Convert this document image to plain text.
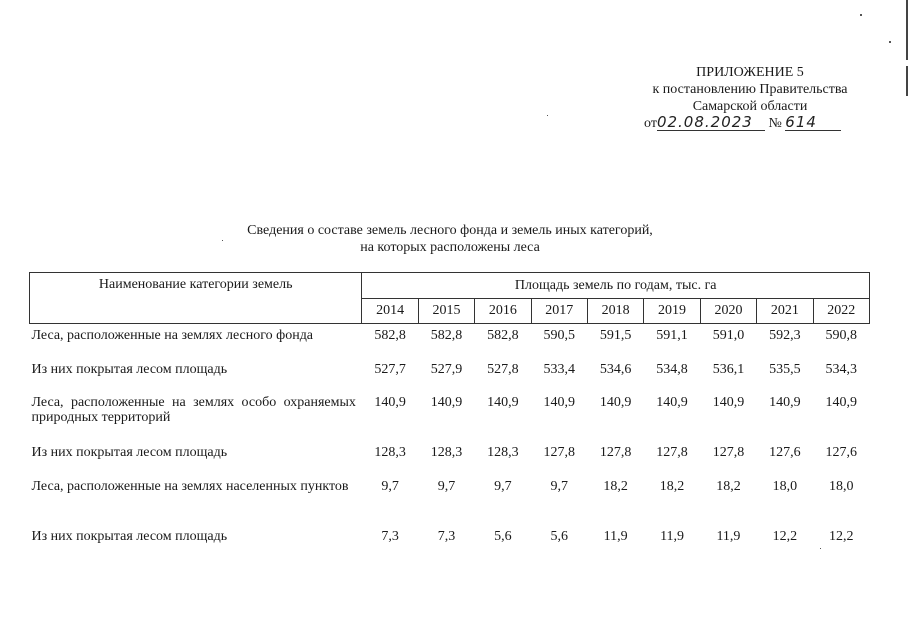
ПРИЛОЖЕНИЕ 5
к постановлению Правительства
Самарской области
от02.08.2023 № 614
Сведения о составе земель лесного фонда и земель иных категорий,
на которых расположены леса
Наименование категории земель	Площадь земель по годам, тыс. га								
	2014	2015	2016	2017	2018	2019	2020	2021	2022
Леса, расположенные на землях лесного фонда	582,8	582,8	582,8	590,5	591,5	591,1	591,0	592,3	590,8
Из них покрытая лесом площадь	527,7	527,9	527,8	533,4	534,6	534,8	536,1	535,5	534,3
Леса, расположенные на землях особо охраняемых природных территорий	140,9	140,9	140,9	140,9	140,9	140,9	140,9	140,9	140,9
Из них покрытая лесом площадь	128,3	128,3	128,3	127,8	127,8	127,8	127,8	127,6	127,6
Леса, расположенные на землях населенных пунктов	9,7	9,7	9,7	9,7	18,2	18,2	18,2	18,0	18,0
Из них покрытая лесом площадь	7,3	7,3	5,6	5,6	11,9	11,9	11,9	12,2	12,2
